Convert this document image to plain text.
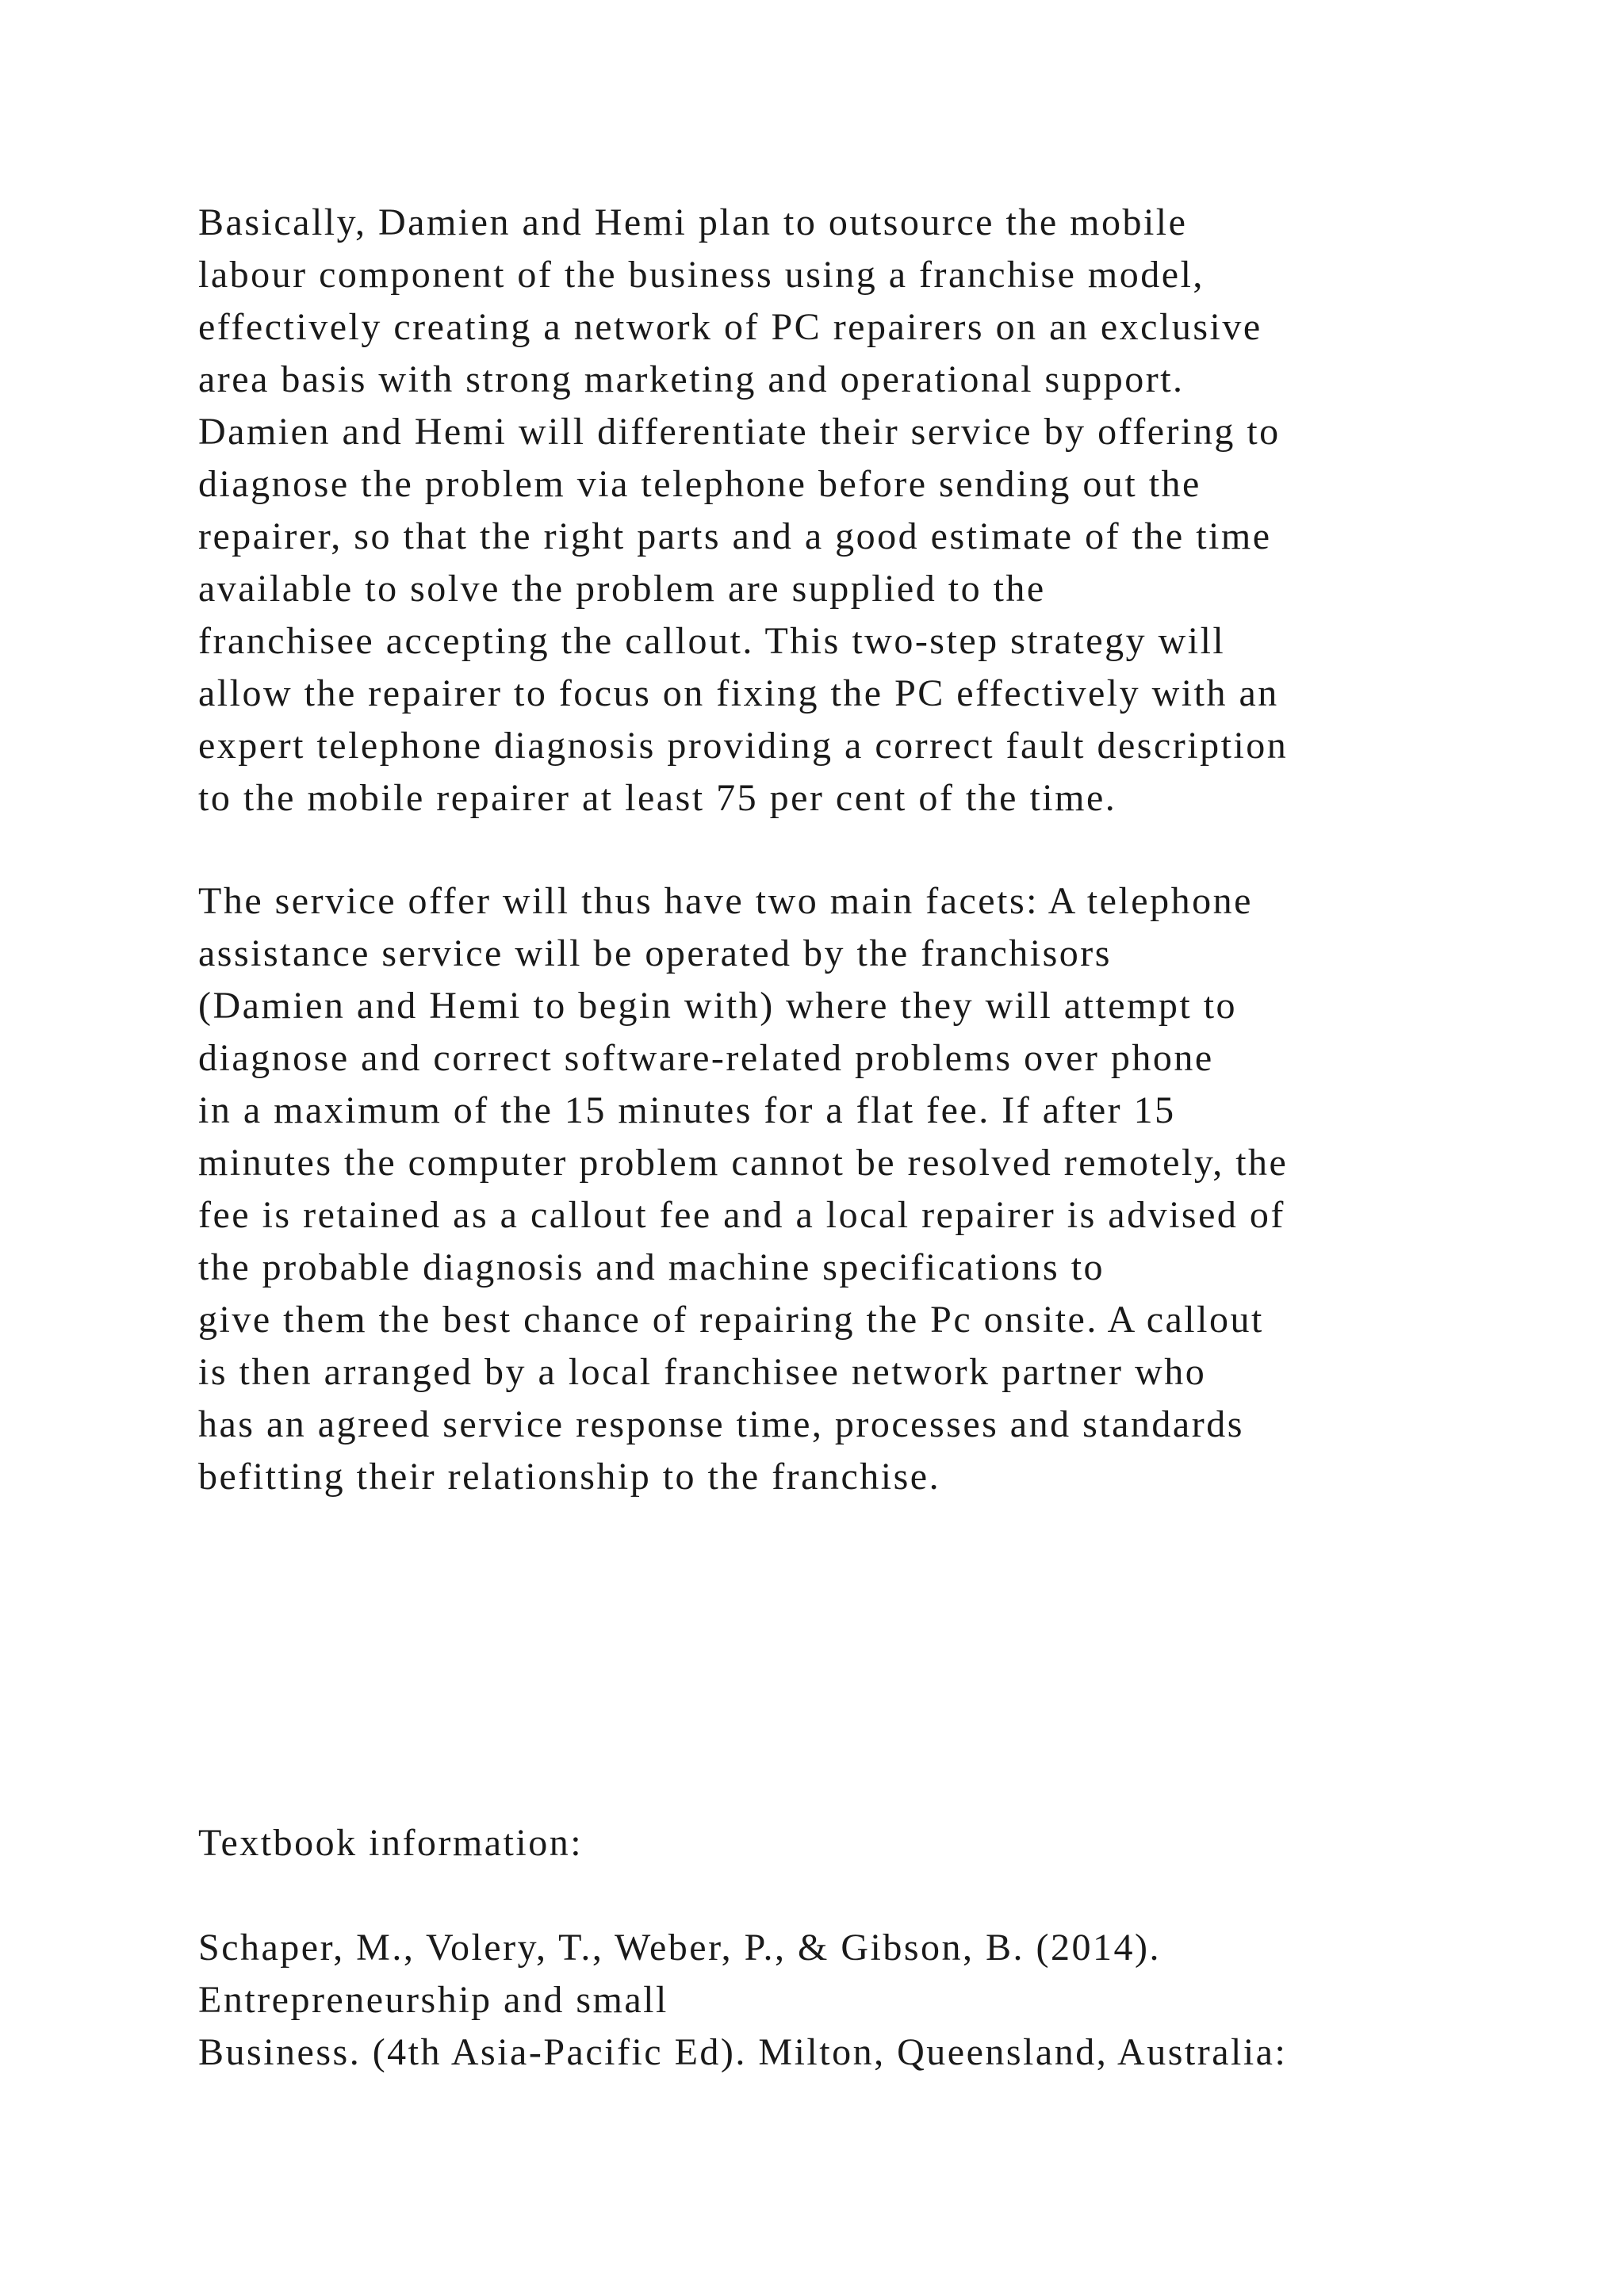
Basically, Damien and Hemi plan to outsource the mobile
labour component of the business using a franchise model,
effectively creating a network of PC repairers on an exclusive
area basis with strong marketing and operational support.
Damien and Hemi will differentiate their service by offering to
diagnose the problem via telephone before sending out the
repairer, so that the right parts and a good estimate of the time
available to solve the problem are supplied to the
franchisee accepting the callout. This two-step strategy will
allow the repairer to focus on fixing the PC effectively with an
expert telephone diagnosis providing a correct fault description
to the mobile repairer at least 75 per cent of the time.
The service offer will thus have two main facets: A telephone
assistance service will be operated by the franchisors
(Damien and Hemi to begin with) where they will attempt to
diagnose and correct software-related problems over phone
in a maximum of the 15 minutes for a flat fee. If after 15
minutes the computer problem cannot be resolved remotely, the
fee is retained as a callout fee and a local repairer is advised of
the probable diagnosis and machine specifications to
give them the best chance of repairing the Pc onsite. A callout
is then arranged by a local franchisee network partner who
has an agreed service response time, processes and standards
befitting their relationship to the franchise.
Textbook information:
Schaper, M., Volery, T., Weber, P., & Gibson, B. (2014).
Entrepreneurship and small
Business. (4th Asia-Pacific Ed). Milton, Queensland, Australia:
